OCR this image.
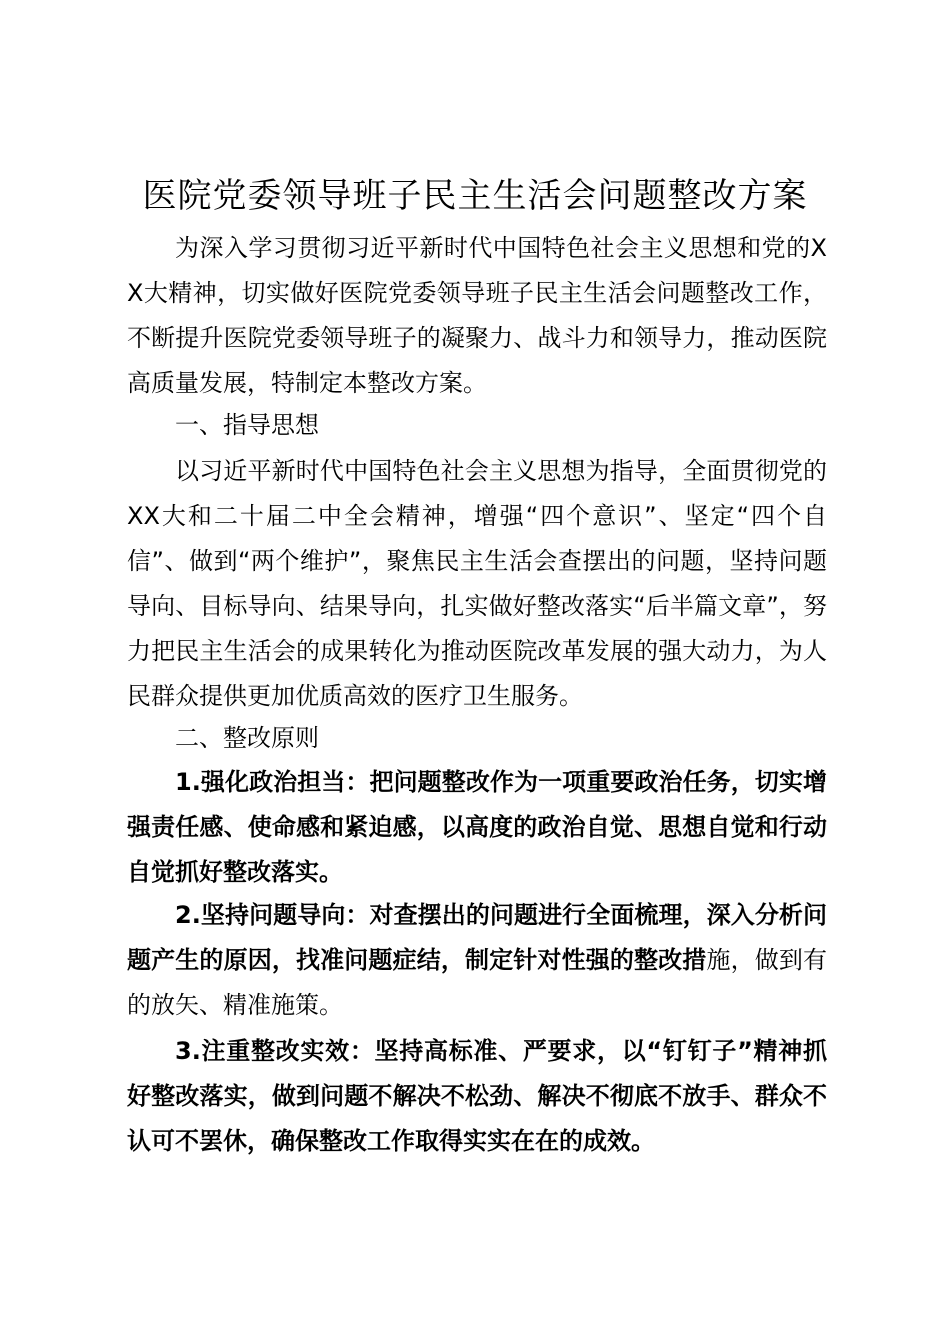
医院党委领导班子民主生活会问题整改方案

为深入学习贯彻习近平新时代中国特色社会主义思想和党的XX大精神，切实做好医院党委领导班子民主生活会问题整改工作，不断提升医院党委领导班子的凝聚力、战斗力和领导力，推动医院高质量发展，特制定本整改方案。

一、指导思想

以习近平新时代中国特色社会主义思想为指导，全面贯彻党的XX大和二十届二中全会精神，增强“四个意识”、坚定“四个自信”、做到“两个维护”，聚焦民主生活会查摆出的问题，坚持问题导向、目标导向、结果导向，扎实做好整改落实“后半篇文章”，努力把民主生活会的成果转化为推动医院改革发展的强大动力，为人民群众提供更加优质高效的医疗卫生服务。

二、整改原则

1.强化政治担当：把问题整改作为一项重要政治任务，切实增强责任感、使命感和紧迫感，以高度的政治自觉、思想自觉和行动自觉抓好整改落实。

2.坚持问题导向：对查摆出的问题进行全面梳理，深入分析问题产生的原因，找准问题症结，制定针对性强的整改措施，做到有的放矢、精准施策。

3.注重整改实效：坚持高标准、严要求，以“钉钉子”精神抓好整改落实，做到问题不解决不松劲、解决不彻底不放手、群众不认可不罢休，确保整改工作取得实实在在的成效。
